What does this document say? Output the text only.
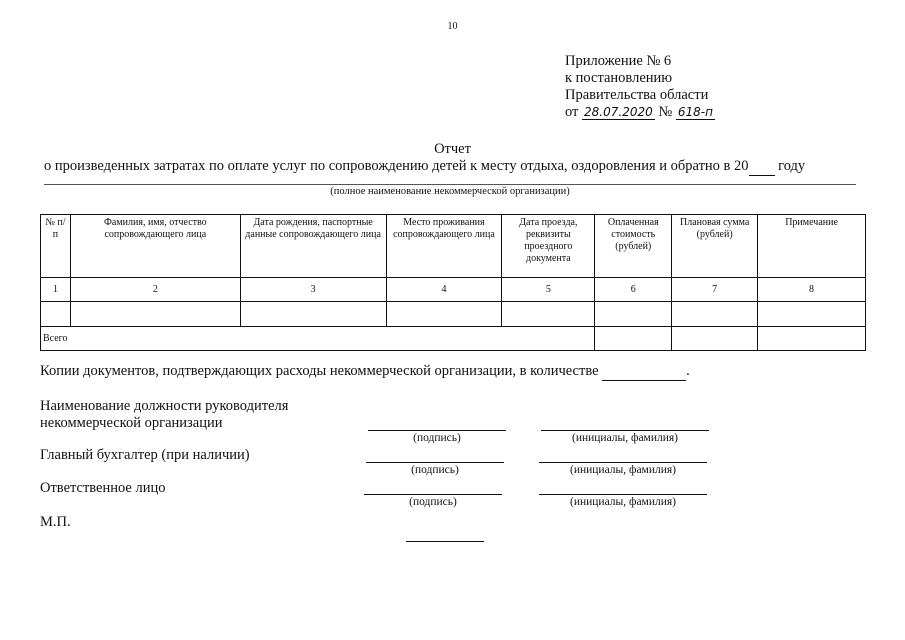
10
Приложение № 6
к постановлению
Правительства области
от 28.07.2020 № 618-п
Отчет
о произведенных затратах по оплате услуг по сопровождению детей к месту отдыха, оздоровления и обратно в 20 году
(полное наименование некоммерческой организации)
№ п/п	Фамилия, имя, отчество сопровождающего лица	Дата рождения, паспортные данные сопровождающего лица	Место проживания сопровождающего лица	Дата проезда, реквизиты проездного документа	Оплаченная стоимость (рублей)	Плановая сумма (рублей)	Примечание
1	2	3	4	5	6	7	8

Всего							
Копии документов, подтверждающих расходы некоммерческой организации, в количестве	.
Наименование должности руководителя
некоммерческой организации
(подпись)	(инициалы, фамилия)
Главный бухгалтер (при наличии)
(подпись)	(инициалы, фамилия)
Ответственное лицо
(подпись)	(инициалы, фамилия)
М.П.
